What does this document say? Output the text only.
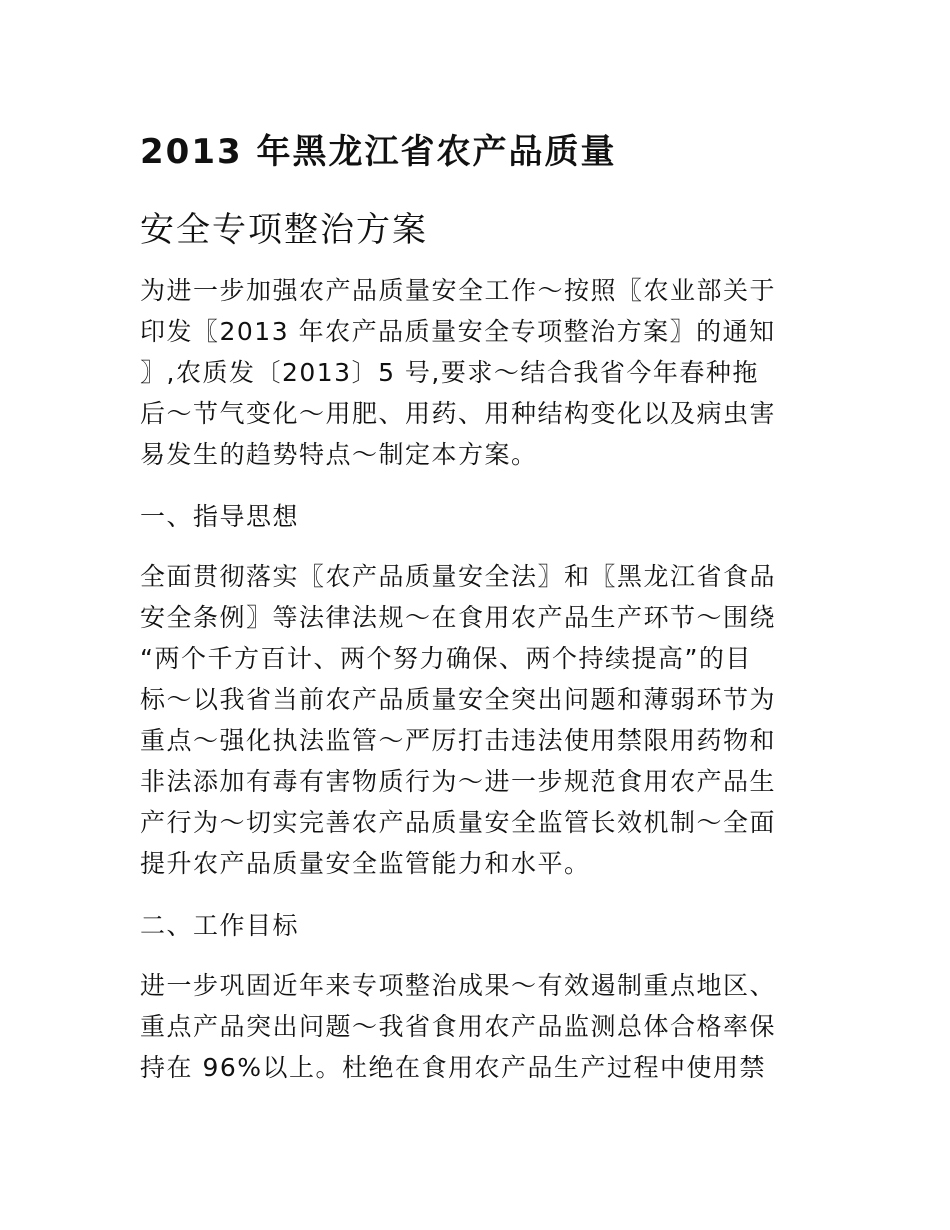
2013 年黑龙江省农产品质量
安全专项整治方案
为进一步加强农产品质量安全工作～按照〖农业部关于
印发〖2013 年农产品质量安全专项整治方案〗的通知
〗,农质发〔2013〕5 号,要求～结合我省今年春种拖
后～节气变化～用肥、用药、用种结构变化以及病虫害
易发生的趋势特点～制定本方案。
一、指导思想
全面贯彻落实〖农产品质量安全法〗和〖黑龙江省食品
安全条例〗等法律法规～在食用农产品生产环节～围绕
“两个千方百计、两个努力确保、两个持续提高”的目
标～以我省当前农产品质量安全突出问题和薄弱环节为
重点～强化执法监管～严厉打击违法使用禁限用药物和
非法添加有毒有害物质行为～进一步规范食用农产品生
产行为～切实完善农产品质量安全监管长效机制～全面
提升农产品质量安全监管能力和水平。
二、工作目标
进一步巩固近年来专项整治成果～有效遏制重点地区、
重点产品突出问题～我省食用农产品监测总体合格率保
持在 96%以上。杜绝在食用农产品生产过程中使用禁
